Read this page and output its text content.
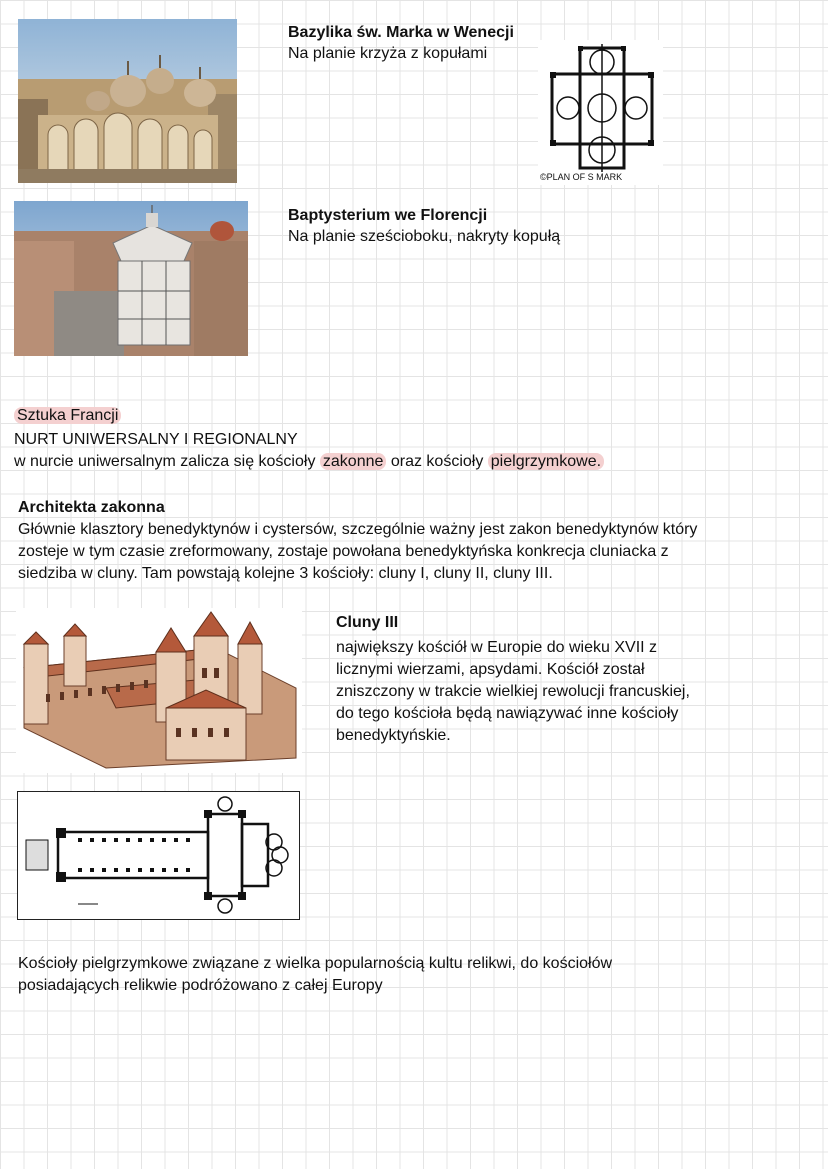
Bazylika św. Marka w Wenecji
Na planie krzyża z kopułami
©PLAN OF S MARK
Baptysterium we Florencji
Na planie sześcioboku, nakryty kopułą
Sztuka Francji
NURT UNIWERSALNY I REGIONALNY
w nurcie uniwersalnym zalicza się kościoły zakonne oraz kościoły pielgrzymkowe.
Architekta zakonna
Głównie klasztory benedyktynów i cystersów, szczególnie ważny jest zakon benedyktynów który
zosteje w tym czasie zreformowany, zostaje powołana benedyktyńska konkrecja cluniacka z
siedziba w cluny. Tam powstają kolejne 3 kościoły: cluny I, cluny II, cluny III.
Cluny III
największy kościół w Europie do wieku XVII z
licznymi wierzami, apsydami. Kościół został
zniszczony w trakcie wielkiej rewolucji francuskiej,
do tego kościoła będą nawiązywać inne kościoły
benedyktyńskie.
Kościoły pielgrzymkowe związane z wielka popularnością kultu relikwi, do kościołów
posiadających relikwie podróżowano z całej Europy
